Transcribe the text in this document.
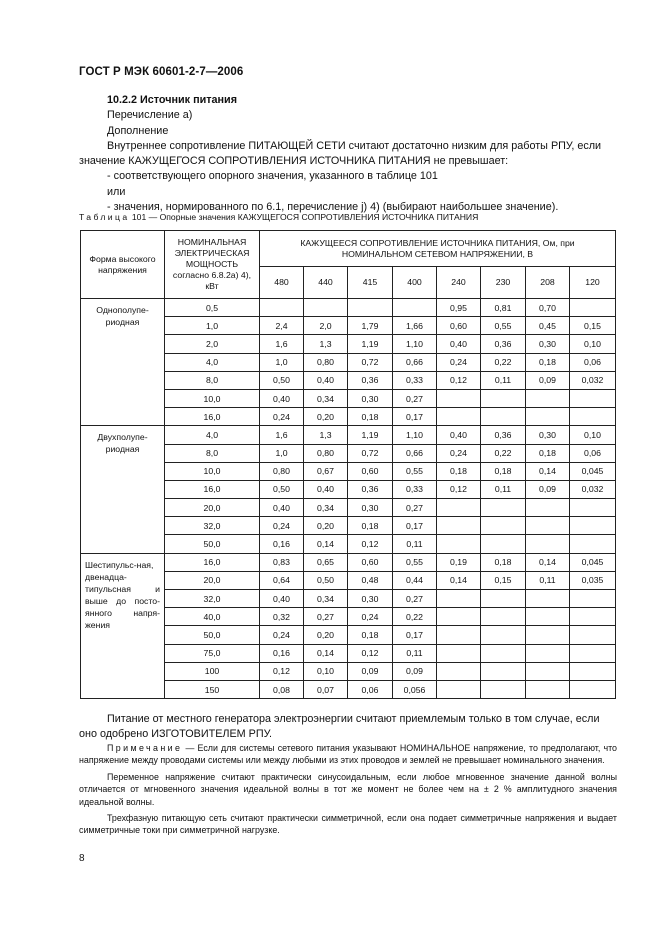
ГОСТ Р МЭК 60601-2-7—2006

10.2.2 Источник питания

Перечисление а)

Дополнение

Внутреннее сопротивление ПИТАЮЩЕЙ СЕТИ считают достаточно низким для работы РПУ, если значение КАЖУЩЕГОСЯ СОПРОТИВЛЕНИЯ ИСТОЧНИКА ПИТАНИЯ не превышает:

- соответствующего опорного значения, указанного в таблице 101

или

- значения, нормированного по 6.1, перечисление j) 4) (выбирают наибольшее значение).

Таблица 101 — Опорные значения КАЖУЩЕГОСЯ СОПРОТИВЛЕНИЯ ИСТОЧНИКА ПИТАНИЯ
Форма высокого напряжения	НОМИНАЛЬНАЯ ЭЛЕКТРИЧЕСКАЯ МОЩНОСТЬ согласно 6.8.2а) 4), кВт	КАЖУЩЕЕСЯ СОПРОТИВЛЕНИЕ ИСТОЧНИКА ПИТАНИЯ, Ом, при НОМИНАЛЬНОМ СЕТЕВОМ НАПРЯЖЕНИИ, В							
		480	440	415	400	240	230	208	120
Однополупе-риодная	0,5					0,95	0,81	0,70	
	1,0	2,4	2,0	1,79	1,66	0,60	0,55	0,45	0,15
	2,0	1,6	1,3	1,19	1,10	0,40	0,36	0,30	0,10
	4,0	1,0	0,80	0,72	0,66	0,24	0,22	0,18	0,06
	8,0	0,50	0,40	0,36	0,33	0,12	0,11	0,09	0,032
	10,0	0,40	0,34	0,30	0,27				
	16,0	0,24	0,20	0,18	0,17				
Двухполупе-риодная	4,0	1,6	1,3	1,19	1,10	0,40	0,36	0,30	0,10
	8,0	1,0	0,80	0,72	0,66	0,24	0,22	0,18	0,06
	10,0	0,80	0,67	0,60	0,55	0,18	0,18	0,14	0,045
	16,0	0,50	0,40	0,36	0,33	0,12	0,11	0,09	0,032
	20,0	0,40	0,34	0,30	0,27				
	32,0	0,24	0,20	0,18	0,17				
	50,0	0,16	0,14	0,12	0,11				
Шестипульс-ная, двенадца-типульсная и выше до посто-янного напря-жения	16,0	0,83	0,65	0,60	0,55	0,19	0,18	0,14	0,045
	20,0	0,64	0,50	0,48	0,44	0,14	0,15	0,11	0,035
	32,0	0,40	0,34	0,30	0,27				
	40,0	0,32	0,27	0,24	0,22				
	50,0	0,24	0,20	0,18	0,17				
	75,0	0,16	0,14	0,12	0,11				
	100	0,12	0,10	0,09	0,09				
	150	0,08	0,07	0,06	0,056				

Питание от местного генератора электроэнергии считают приемлемым только в том случае, если оно одобрено ИЗГОТОВИТЕЛЕМ РПУ.

Примечание — Если для системы сетевого питания указывают НОМИНАЛЬНОЕ напряжение, то предполагают, что напряжение между проводами системы или между любыми из этих проводов и землей не превышает номинального значения.

Переменное напряжение считают практически синусоидальным, если любое мгновенное значение данной волны отличается от мгновенного значения идеальной волны в тот же момент не более чем на ± 2 % амплитудного значения идеальной волны.

Трехфазную питающую сеть считают практически симметричной, если она подает симметричные напряжения и выдает симметричные токи при симметричной нагрузке.

8
